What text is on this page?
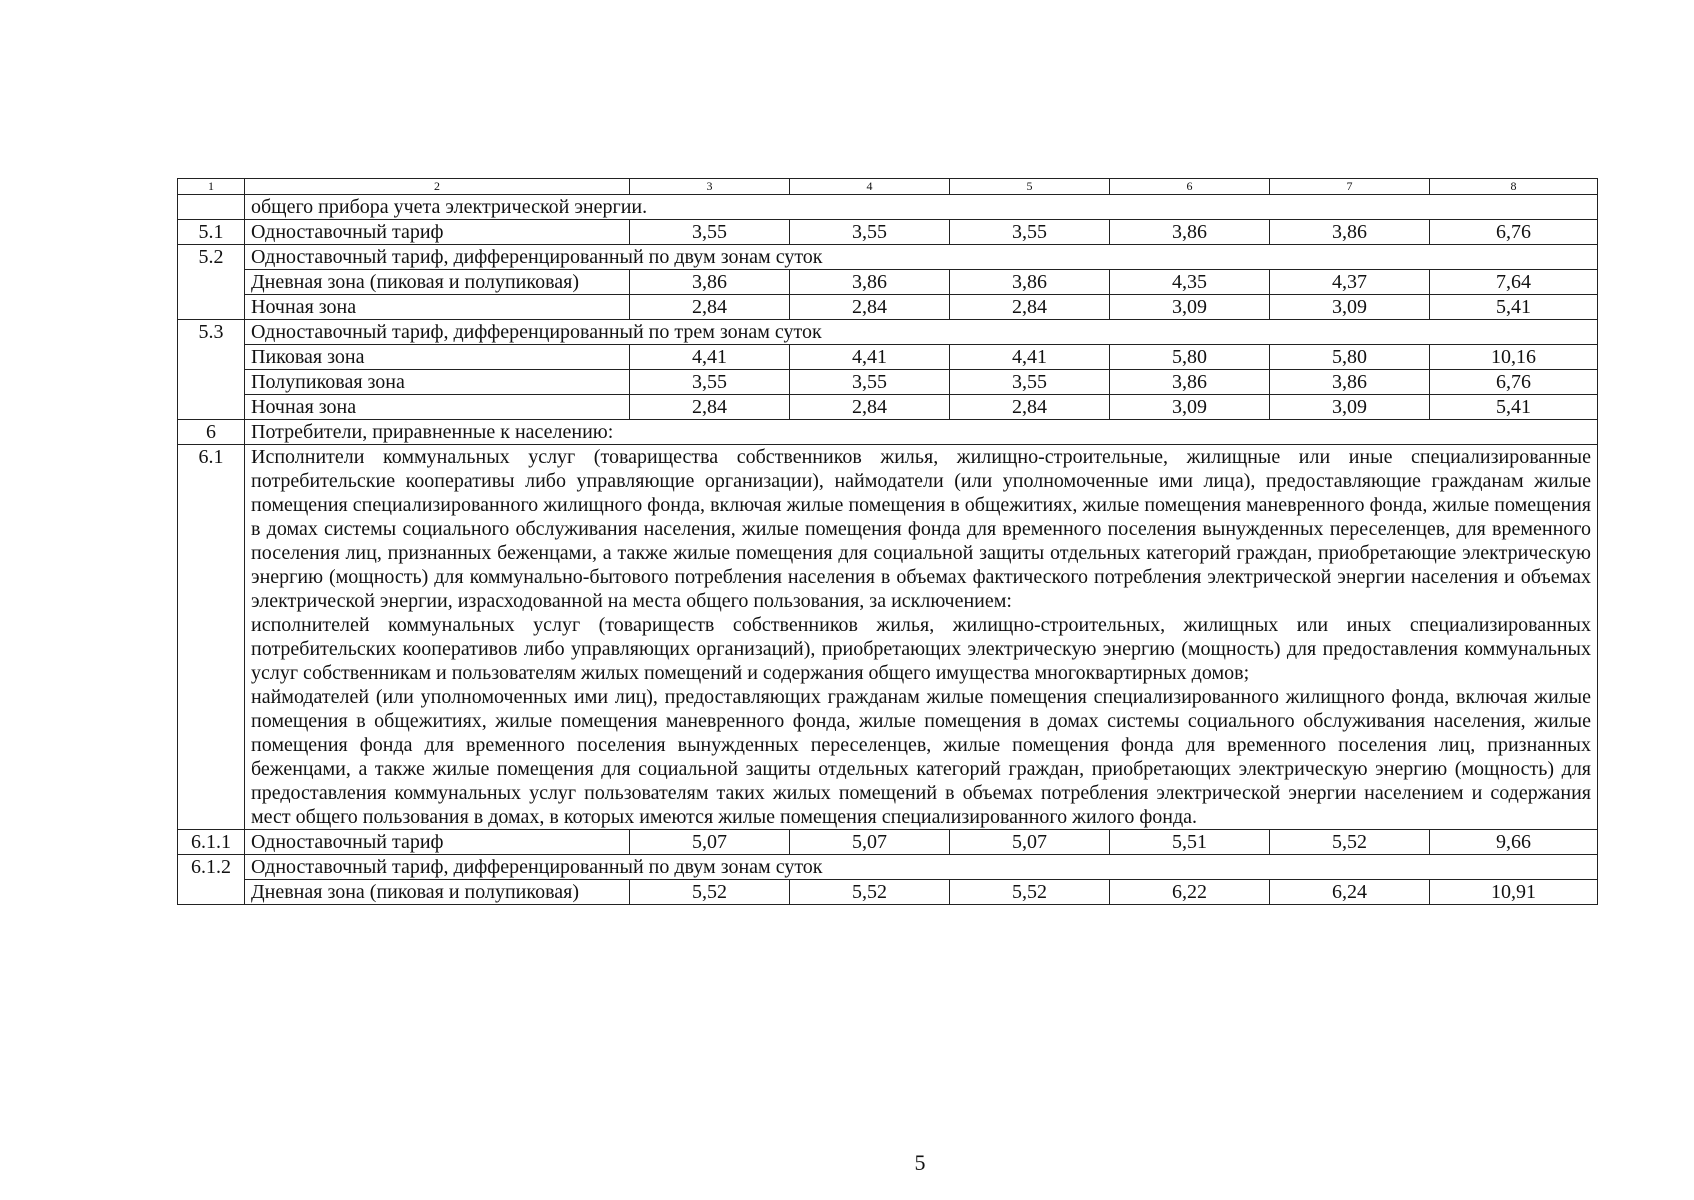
1	2	3	4	5	6	7	8
	общего прибора учета электрической энергии.						
5.1	Одноставочный тариф	3,55	3,55	3,55	3,86	3,86	6,76
5.2	Одноставочный тариф, дифференцированный по двум зонам суток						
	Дневная зона (пиковая и полупиковая)	3,86	3,86	3,86	4,35	4,37	7,64
	Ночная зона	2,84	2,84	2,84	3,09	3,09	5,41
5.3	Одноставочный тариф, дифференцированный по трем зонам суток						
	Пиковая зона	4,41	4,41	4,41	5,80	5,80	10,16
	Полупиковая зона	3,55	3,55	3,55	3,86	3,86	6,76
	Ночная зона	2,84	2,84	2,84	3,09	3,09	5,41
6	Потребители, приравненные к населению:						
6.1	Исполнители коммунальных услуг (товарищества собственников жилья, жилищно-строительные, жилищные или иные специализированные потребительские кооперативы либо управляющие организации), наймодатели (или уполномоченные ими лица), предоставляющие гражданам жилые помещения специализированного жилищного фонда, включая жилые помещения в общежитиях, жилые помещения маневренного фонда, жилые помещения в домах системы социального обслуживания населения, жилые помещения фонда для временного поселения вынужденных переселенцев, для временного поселения лиц, признанных беженцами, а также жилые помещения для социальной защиты отдельных категорий граждан, приобретающие электрическую энергию (мощность) для коммунально-бытового потребления населения в объемах фактического потребления электрической энергии населения и объемах электрической энергии, израсходованной на места общего пользования, за исключением:
исполнителей коммунальных услуг (товариществ собственников жилья, жилищно-строительных, жилищных или иных специализированных потребительских кооперативов либо управляющих организаций), приобретающих электрическую энергию (мощность) для предоставления коммунальных услуг собственникам и пользователям жилых помещений и содержания общего имущества многоквартирных домов;
наймодателей (или уполномоченных ими лиц), предоставляющих гражданам жилые помещения специализированного жилищного фонда, включая жилые помещения в общежитиях, жилые помещения маневренного фонда, жилые помещения в домах системы социального обслуживания населения, жилые помещения фонда для временного поселения вынужденных переселенцев, жилые помещения фонда для временного поселения лиц, признанных беженцами, а также жилые помещения для социальной защиты отдельных категорий граждан, приобретающих электрическую энергию (мощность) для предоставления коммунальных услуг пользователям таких жилых помещений в объемах потребления электрической энергии населением и содержания мест общего пользования в домах, в которых имеются жилые помещения специализированного жилого фонда.						

6.1.1	Одноставочный тариф	5,07	5,07	5,07	5,51	5,52	9,66
6.1.2	Одноставочный тариф, дифференцированный по двум зонам суток						
	Дневная зона (пиковая и полупиковая)	5,52	5,52	5,52	6,22	6,24	10,91
5
